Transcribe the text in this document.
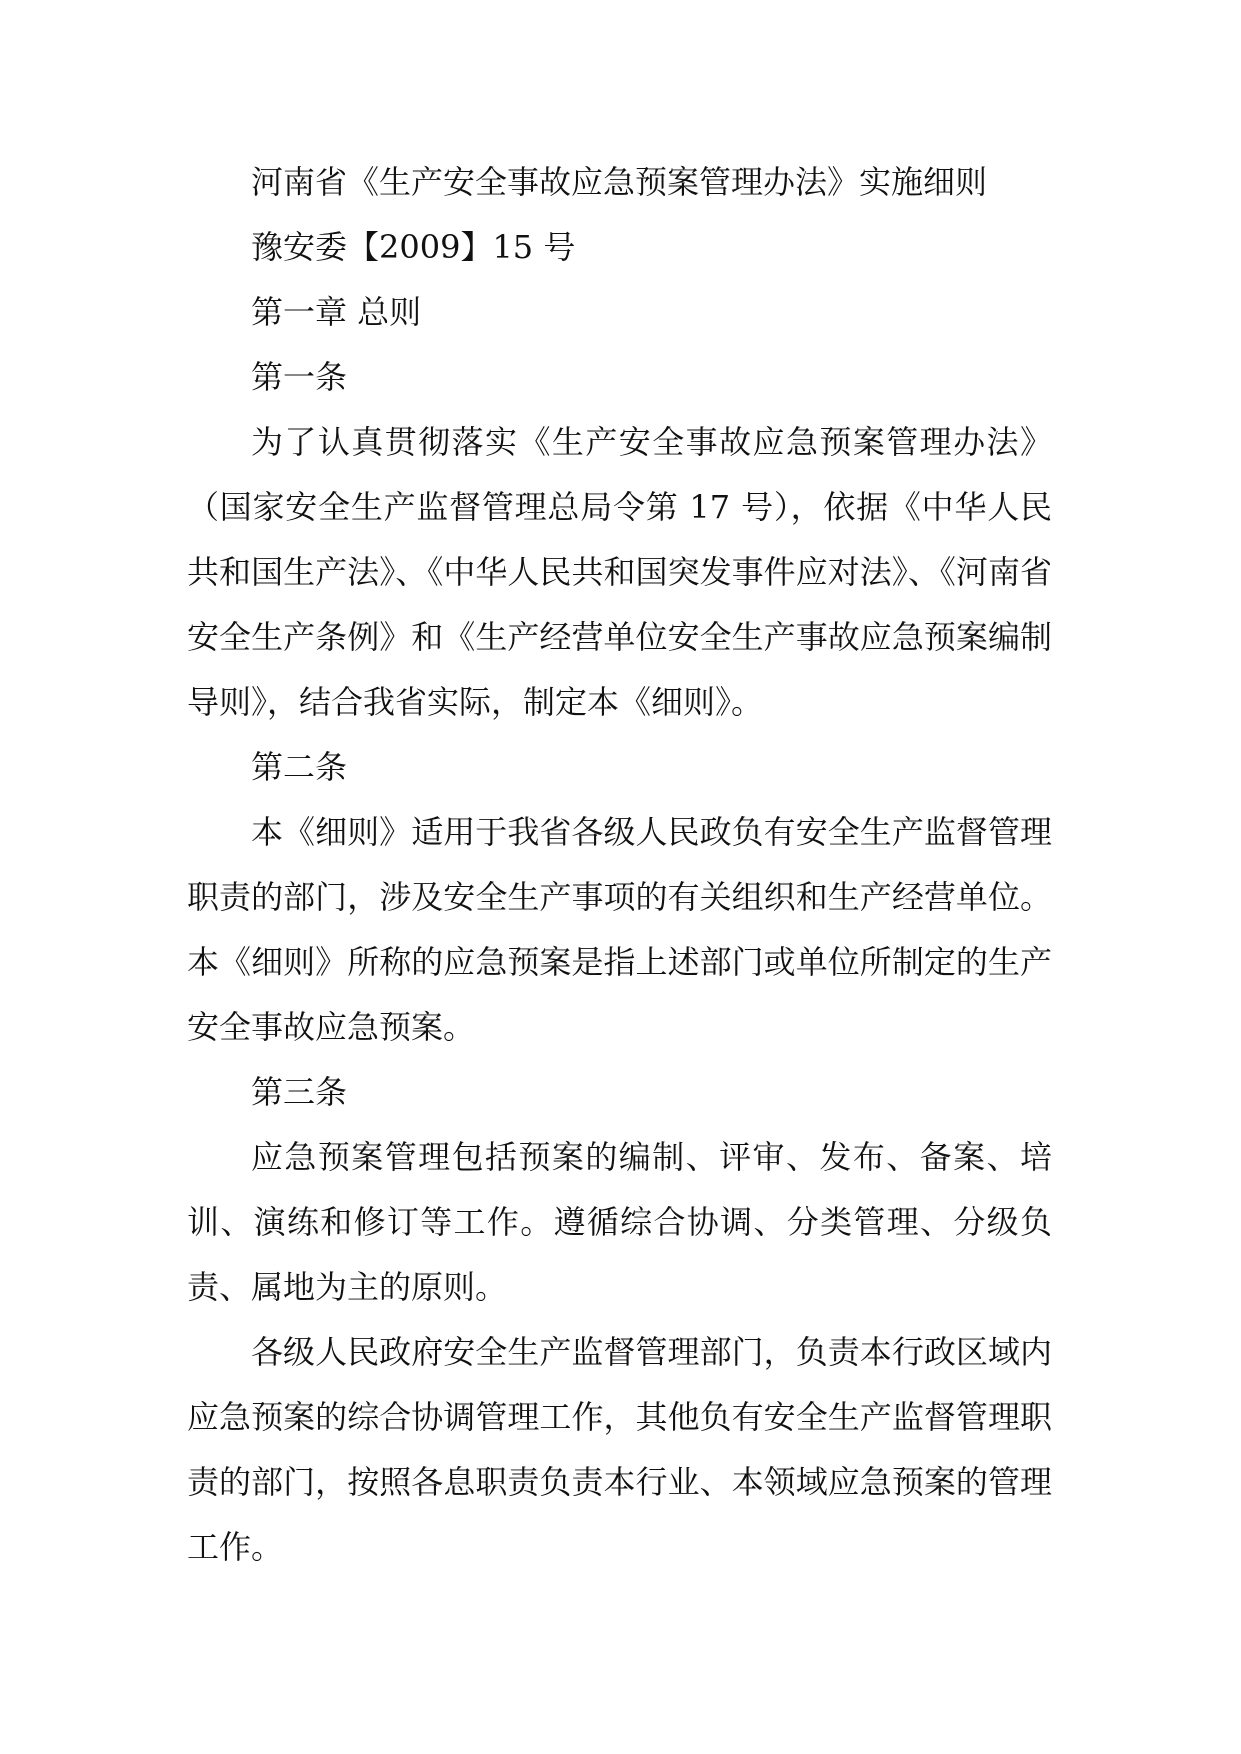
河南省《生产安全事故应急预案管理办法》实施细则

豫安委【2009】15 号

第一章 总则

第一条

为了认真贯彻落实《生产安全事故应急预案管理办法》（国家安全生产监督管理总局令第 17 号），依据《中华人民共和国生产法》、《中华人民共和国突发事件应对法》、《河南省安全生产条例》和《生产经营单位安全生产事故应急预案编制导则》，结合我省实际，制定本《细则》。

第二条

本《细则》适用于我省各级人民政负有安全生产监督管理职责的部门，涉及安全生产事项的有关组织和生产经营单位。本《细则》所称的应急预案是指上述部门或单位所制定的生产安全事故应急预案。

第三条

应急预案管理包括预案的编制、评审、发布、备案、培训、演练和修订等工作。遵循综合协调、分类管理、分级负责、属地为主的原则。

各级人民政府安全生产监督管理部门，负责本行政区域内应急预案的综合协调管理工作，其他负有安全生产监督管理职责的部门，按照各息职责负责本行业、本领域应急预案的管理工作。
